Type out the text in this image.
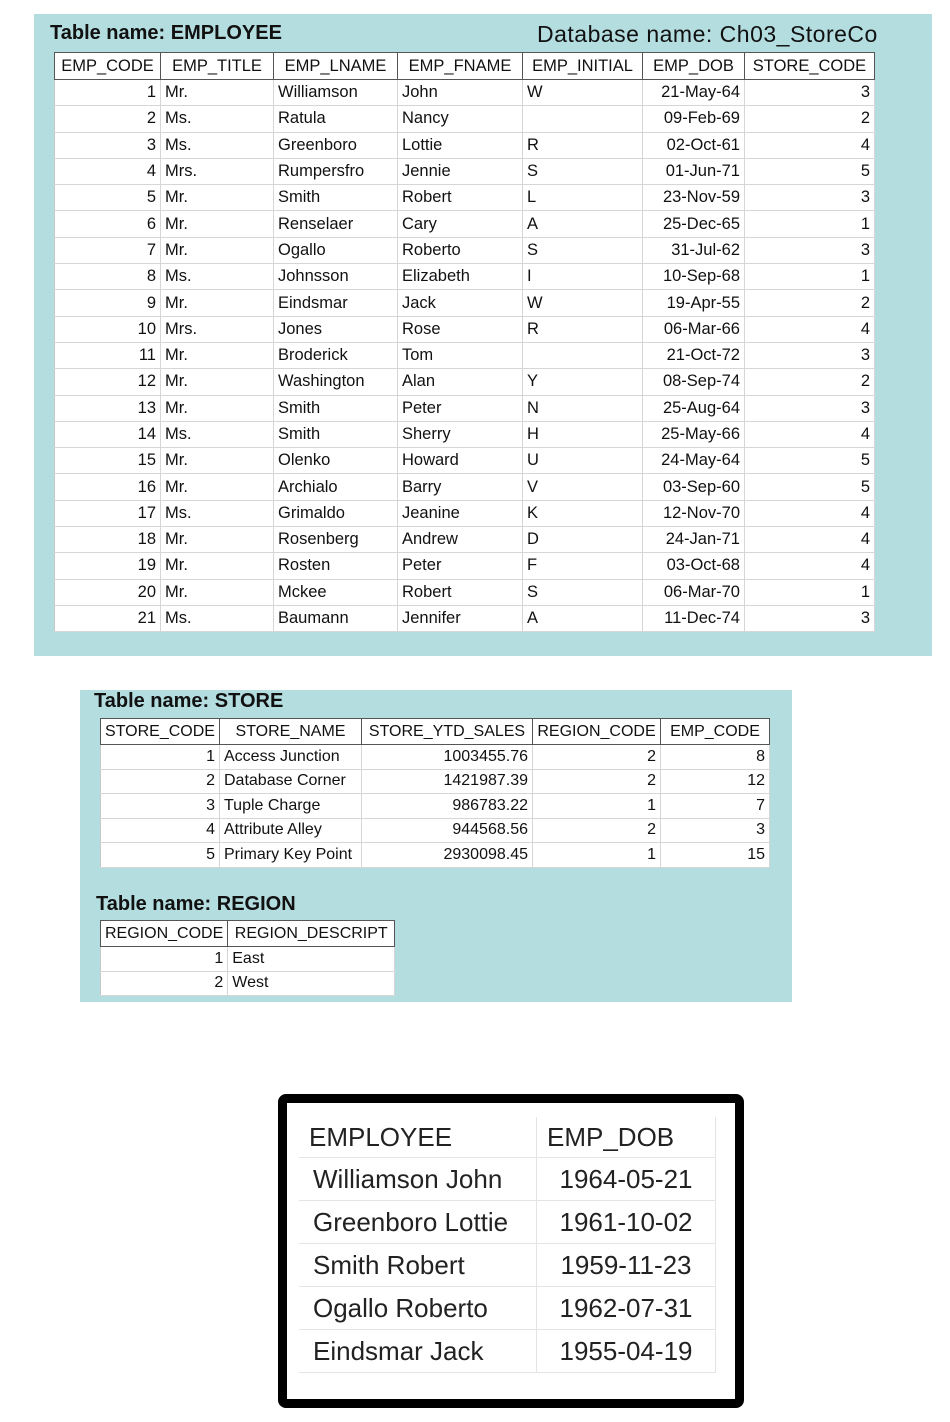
Table name: EMPLOYEE	Database name: Ch03_StoreCo
EMP_CODE	EMP_TITLE	EMP_LNAME	EMP_FNAME	EMP_INITIAL	EMP_DOB	STORE_CODE
1	Mr.	Williamson	John	W	21-May-64	3
2	Ms.	Ratula	Nancy		09-Feb-69	2
3	Ms.	Greenboro	Lottie	R	02-Oct-61	4
4	Mrs.	Rumpersfro	Jennie	S	01-Jun-71	5
5	Mr.	Smith	Robert	L	23-Nov-59	3
6	Mr.	Renselaer	Cary	A	25-Dec-65	1
7	Mr.	Ogallo	Roberto	S	31-Jul-62	3
8	Ms.	Johnsson	Elizabeth	I	10-Sep-68	1
9	Mr.	Eindsmar	Jack	W	19-Apr-55	2
10	Mrs.	Jones	Rose	R	06-Mar-66	4
11	Mr.	Broderick	Tom		21-Oct-72	3
12	Mr.	Washington	Alan	Y	08-Sep-74	2
13	Mr.	Smith	Peter	N	25-Aug-64	3
14	Ms.	Smith	Sherry	H	25-May-66	4
15	Mr.	Olenko	Howard	U	24-May-64	5
16	Mr.	Archialo	Barry	V	03-Sep-60	5
17	Ms.	Grimaldo	Jeanine	K	12-Nov-70	4
18	Mr.	Rosenberg	Andrew	D	24-Jan-71	4
19	Mr.	Rosten	Peter	F	03-Oct-68	4
20	Mr.	Mckee	Robert	S	06-Mar-70	1
21	Ms.	Baumann	Jennifer	A	11-Dec-74	3
Table name: STORE
STORE_CODE	STORE_NAME	STORE_YTD_SALES	REGION_CODE	EMP_CODE
1	Access Junction	1003455.76	2	8
2	Database Corner	1421987.39	2	12
3	Tuple Charge	986783.22	1	7
4	Attribute Alley	944568.56	2	3
5	Primary Key Point	2930098.45	1	15
Table name: REGION
REGION_CODE	REGION_DESCRIPT
1	East
2	West
EMPLOYEE	EMP_DOB
Williamson John	1964-05-21
Greenboro Lottie	1961-10-02
Smith Robert	1959-11-23
Ogallo Roberto	1962-07-31
Eindsmar Jack	1955-04-19
